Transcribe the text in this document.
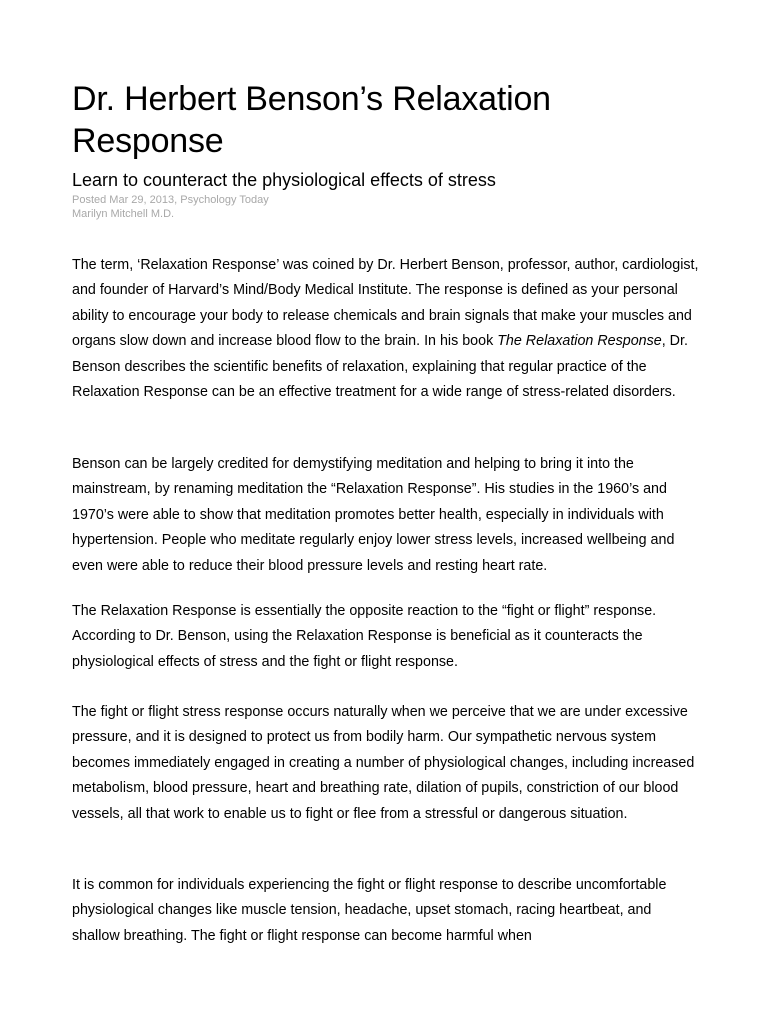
Dr. Herbert Benson’s Relaxation Response
Learn to counteract the physiological effects of stress

Posted Mar 29, 2013, Psychology Today

Marilyn Mitchell M.D.

The term, ‘Relaxation Response’ was coined by Dr. Herbert Benson, professor, author, cardiologist, and founder of Harvard’s Mind/Body Medical Institute. The response is defined as your personal ability to encourage your body to release chemicals and brain signals that make your muscles and organs slow down and increase blood flow to the brain. In his book The Relaxation Response, Dr. Benson describes the scientific benefits of relaxation, explaining that regular practice of the Relaxation Response can be an effective treatment for a wide range of stress-related disorders.

Benson can be largely credited for demystifying meditation and helping to bring it into the mainstream, by renaming meditation the “Relaxation Response”. His studies in the 1960’s and 1970’s were able to show that meditation promotes better health, especially in individuals with hypertension. People who meditate regularly enjoy lower stress levels, increased wellbeing and even were able to reduce their blood pressure levels and resting heart rate.

The Relaxation Response is essentially the opposite reaction to the “fight or flight” response. According to Dr. Benson, using the Relaxation Response is beneficial as it counteracts the physiological effects of stress and the fight or flight response.

The fight or flight stress response occurs naturally when we perceive that we are under excessive pressure, and it is designed to protect us from bodily harm. Our sympathetic nervous system becomes immediately engaged in creating a number of physiological changes, including increased metabolism, blood pressure, heart and breathing rate, dilation of pupils, constriction of our blood vessels, all that work to enable us to fight or flee from a stressful or dangerous situation.

It is common for individuals experiencing the fight or flight response to describe uncomfortable physiological changes like muscle tension, headache, upset stomach, racing heartbeat, and shallow breathing. The fight or flight response can become harmful when
